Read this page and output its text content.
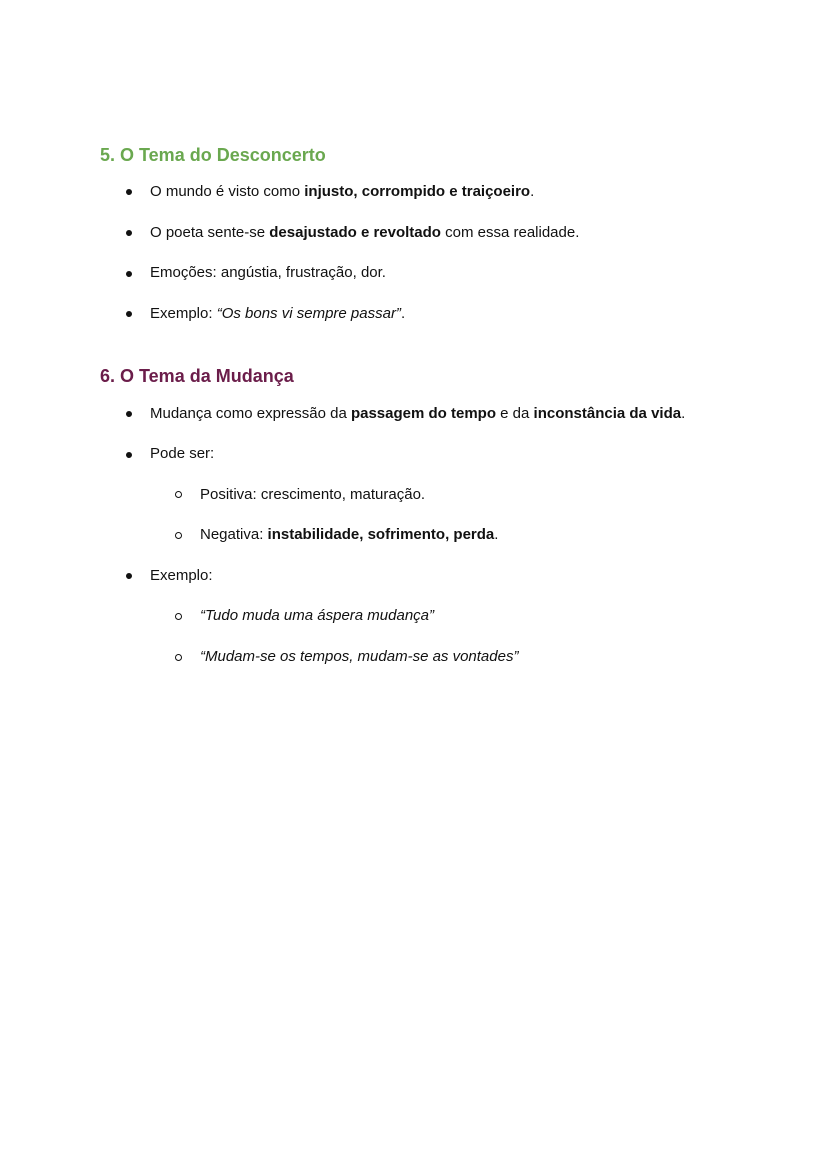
5. O Tema do Desconcerto
O mundo é visto como injusto, corrompido e traiçoeiro.
O poeta sente-se desajustado e revoltado com essa realidade.
Emoções: angústia, frustração, dor.
Exemplo: “Os bons vi sempre passar”.
6. O Tema da Mudança
Mudança como expressão da passagem do tempo e da inconstância da vida.
Pode ser:
Positiva: crescimento, maturação.
Negativa: instabilidade, sofrimento, perda.
Exemplo:
“Tudo muda uma áspera mudança”
“Mudam-se os tempos, mudam-se as vontades”
